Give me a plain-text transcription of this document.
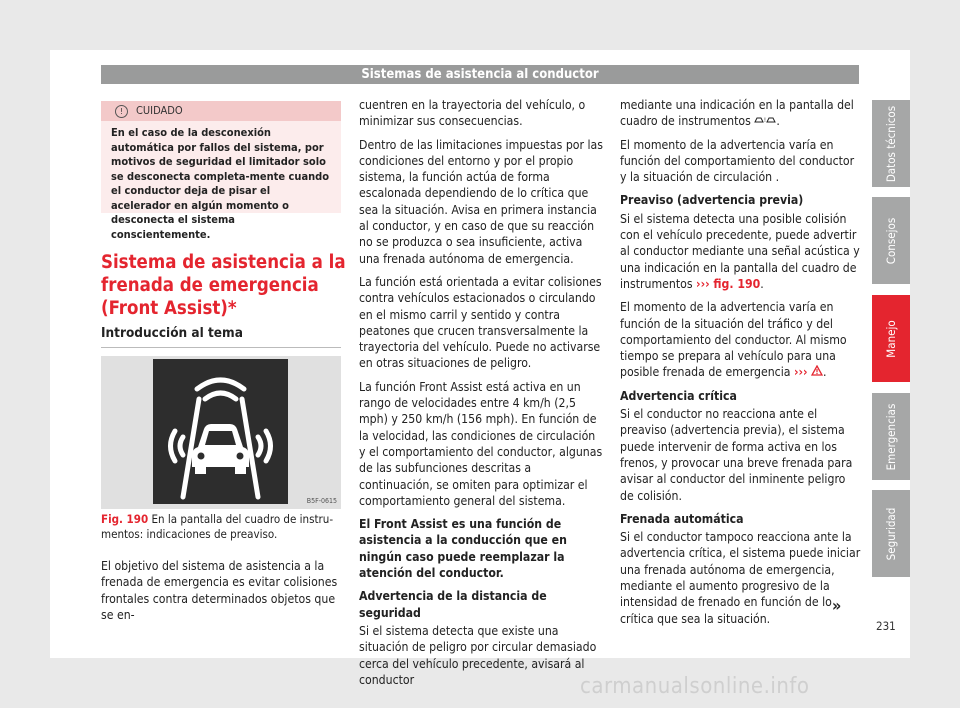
Sistemas de asistencia al conductor
Datos técnicos
Consejos
Manejo
Emergencias
Seguridad
! CUIDADO
En el caso de la desconexión automática por fallos del sistema, por motivos de seguridad el limitador solo se desconecta completa-mente cuando el conductor deja de pisar el acelerador en algún momento o desconecta el sistema conscientemente.
Sistema de asistencia a la frenada de emergencia (Front Assist)*
Introducción al tema
B5F-0615
Fig. 190 En la pantalla del cuadro de instru-mentos: indicaciones de preaviso.

El objetivo del sistema de asistencia a la frenada de emergencia es evitar colisiones frontales contra determinados objetos que se en-

cuentren en la trayectoria del vehículo, o minimizar sus consecuencias.

Dentro de las limitaciones impuestas por las condiciones del entorno y por el propio sistema, la función actúa de forma escalonada dependiendo de lo crítica que sea la situación. Avisa en primera instancia al conductor, y en caso de que su reacción no se produzca o sea insuficiente, activa una frenada autónoma de emergencia.

La función está orientada a evitar colisiones contra vehículos estacionados o circulando en el mismo carril y sentido y contra peatones que crucen transversalmente la trayectoria del vehículo. Puede no activarse en otras situaciones de peligro.

La función Front Assist está activa en un rango de velocidades entre 4 km/h (2,5 mph) y 250 km/h (156 mph). En función de la velocidad, las condiciones de circulación y el comportamiento del conductor, algunas de las subfunciones descritas a continuación, se omiten para optimizar el comportamiento general del sistema.

El Front Assist es una función de asistencia a la conducción que en ningún caso puede reemplazar la atención del conductor.

Advertencia de la distancia de seguridad

Si el sistema detecta que existe una situación de peligro por circular demasiado cerca del vehículo precedente, avisará al conductor

mediante una indicación en la pantalla del cuadro de instrumentos ! .

El momento de la advertencia varía en función del comportamiento del conductor y la situación de circulación .

Preaviso (advertencia previa)

Si el sistema detecta una posible colisión con el vehículo precedente, puede advertir al conductor mediante una señal acústica y una indicación en la pantalla del cuadro de instrumentos ››› fig. 190.

El momento de la advertencia varía en función de la situación del tráfico y del comportamiento del conductor. Al mismo tiempo se prepara al vehículo para una posible frenada de emergencia ››› .

Advertencia crítica

Si el conductor no reacciona ante el preaviso (advertencia previa), el sistema puede intervenir de forma activa en los frenos, y provocar una breve frenada para avisar al conductor del inminente peligro de colisión.

Frenada automática

Si el conductor tampoco reacciona ante la advertencia crítica, el sistema puede iniciar una frenada autónoma de emergencia, mediante el aumento progresivo de la intensidad de frenado en función de lo crítica que sea la situación.

»
231
carmanualsonline.info
